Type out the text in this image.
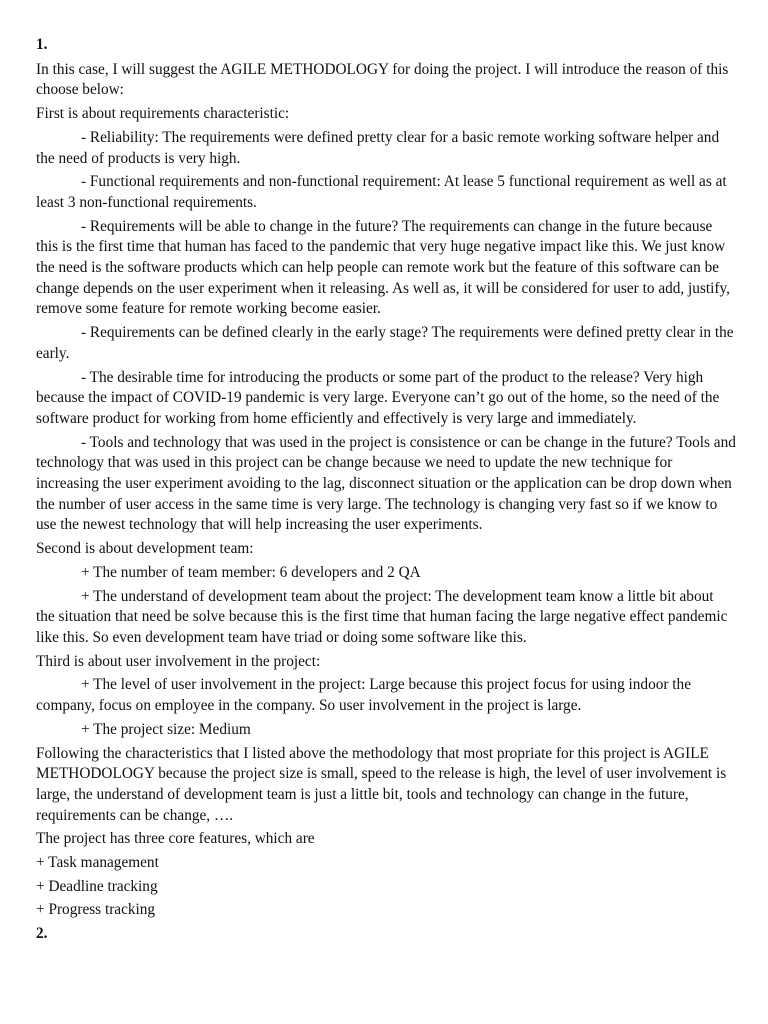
1.

In this case, I will suggest the AGILE METHODOLOGY for doing the project. I will introduce the reason of this choose below:

First is about requirements characteristic:

- Reliability: The requirements were defined pretty clear for a basic remote working software helper and the need of products is very high.

- Functional requirements and non-functional requirement: At lease 5 functional requirement as well as at least 3 non-functional requirements.

- Requirements will be able to change in the future? The requirements can change in the future because this is the first time that human has faced to the pandemic that very huge negative impact like this. We just know the need is the software products which can help people can remote work but the feature of this software can be change depends on the user experiment when it releasing. As well as, it will be considered for user to add, justify, remove some feature for remote working become easier.

- Requirements can be defined clearly in the early stage? The requirements were defined pretty clear in the early.

- The desirable time for introducing the products or some part of the product to the release? Very high because the impact of COVID-19 pandemic is very large. Everyone can’t go out of the home, so the need of the software product for working from home efficiently and effectively is very large and immediately.

- Tools and technology that was used in the project is consistence or can be change in the future? Tools and technology that was used in this project can be change because we need to update the new technique for increasing the user experiment avoiding to the lag, disconnect situation or the application can be drop down when the number of user access in the same time is very large. The technology is changing very fast so if we know to use the newest technology that will help increasing the user experiments.

Second is about development team:

+ The number of team member: 6 developers and 2 QA

+ The understand of development team about the project: The development team know a little bit about the situation that need be solve because this is the first time that human facing the large negative effect pandemic like this. So even development team have triad or doing some software like this.

Third is about user involvement in the project:

+ The level of user involvement in the project: Large because this project focus for using indoor the company, focus on employee in the company. So user involvement in the project is large.

+ The project size: Medium

Following the characteristics that I listed above the methodology that most propriate for this project is AGILE METHODOLOGY because the project size is small, speed to the release is high, the level of user involvement is large, the understand of development team is just a little bit, tools and technology can change in the future, requirements can be change, ….

The project has three core features, which are

+ Task management

+ Deadline tracking

+ Progress tracking

2.
